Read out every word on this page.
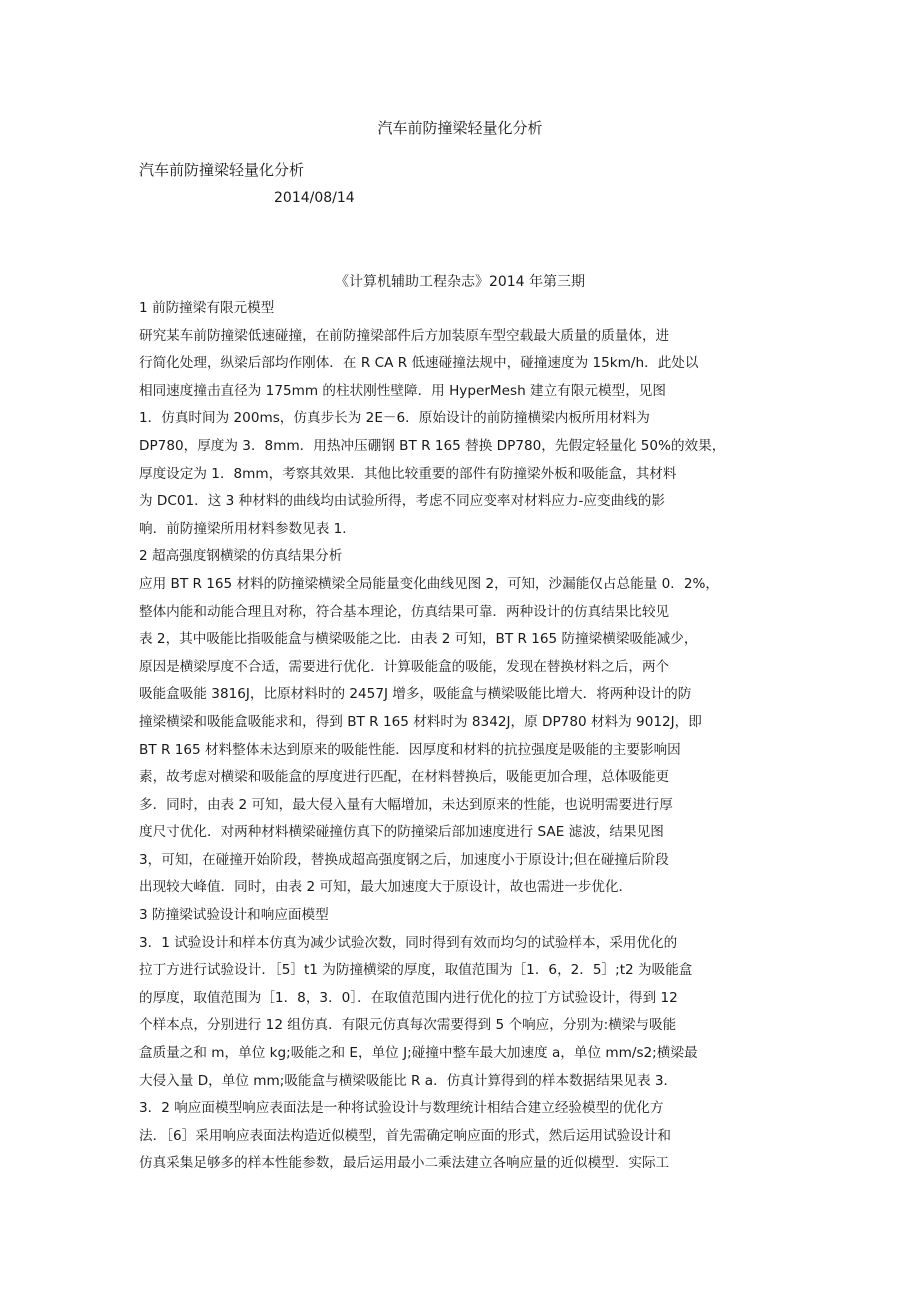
汽车前防撞梁轻量化分析
汽车前防撞梁轻量化分析
2014/08/14
《计算机辅助工程杂志》2014 年第三期
1 前防撞梁有限元模型
研究某车前防撞梁低速碰撞，在前防撞梁部件后方加装原车型空载最大质量的质量体，进
行简化处理，纵梁后部均作刚体．在 R CA R 低速碰撞法规中，碰撞速度为 15km/h．此处以
相同速度撞击直径为 175mm 的柱状刚性壁障．用 HyperMesh 建立有限元模型，见图
1．仿真时间为 200ms，仿真步长为 2E－6．原始设计的前防撞横梁内板所用材料为
DP780，厚度为 3．8mm．用热冲压硼钢 BT R 165 替换 DP780，先假定轻量化 50%的效果，
厚度设定为 1．8mm，考察其效果．其他比较重要的部件有防撞梁外板和吸能盒，其材料
为 DC01．这 3 种材料的曲线均由试验所得，考虑不同应变率对材料应力-应变曲线的影
响．前防撞梁所用材料参数见表 1．
2 超高强度钢横梁的仿真结果分析
应用 BT R 165 材料的防撞梁横梁全局能量变化曲线见图 2，可知，沙漏能仅占总能量 0．2%，
整体内能和动能合理且对称，符合基本理论，仿真结果可靠．两种设计的仿真结果比较见
表 2，其中吸能比指吸能盒与横梁吸能之比．由表 2 可知，BT R 165 防撞梁横梁吸能减少，
原因是横梁厚度不合适，需要进行优化．计算吸能盒的吸能，发现在替换材料之后，两个
吸能盒吸能 3816J，比原材料时的 2457J 增多，吸能盒与横梁吸能比增大．将两种设计的防
撞梁横梁和吸能盒吸能求和，得到 BT R 165 材料时为 8342J，原 DP780 材料为 9012J，即
BT R 165 材料整体未达到原来的吸能性能．因厚度和材料的抗拉强度是吸能的主要影响因
素，故考虑对横梁和吸能盒的厚度进行匹配，在材料替换后，吸能更加合理，总体吸能更
多．同时，由表 2 可知，最大侵入量有大幅增加，未达到原来的性能，也说明需要进行厚
度尺寸优化．对两种材料横梁碰撞仿真下的防撞梁后部加速度进行 SAE 滤波，结果见图
3，可知，在碰撞开始阶段，替换成超高强度钢之后，加速度小于原设计;但在碰撞后阶段
出现较大峰值．同时，由表 2 可知，最大加速度大于原设计，故也需进一步优化．
3 防撞梁试验设计和响应面模型
3．1 试验设计和样本仿真为减少试验次数，同时得到有效而均匀的试验样本，采用优化的
拉丁方进行试验设计．［5］t1 为防撞横梁的厚度，取值范围为［1．6，2．5］;t2 为吸能盒
的厚度，取值范围为［1．8，3．0］．在取值范围内进行优化的拉丁方试验设计，得到 12
个样本点，分别进行 12 组仿真．有限元仿真每次需要得到 5 个响应，分别为:横梁与吸能
盒质量之和 m，单位 kg;吸能之和 E，单位 J;碰撞中整车最大加速度 a，单位 mm/s2;横梁最
大侵入量 D，单位 mm;吸能盒与横梁吸能比 R a．仿真计算得到的样本数据结果见表 3．
3．2 响应面模型响应表面法是一种将试验设计与数理统计相结合建立经验模型的优化方
法．［6］采用响应表面法构造近似模型，首先需确定响应面的形式，然后运用试验设计和
仿真采集足够多的样本性能参数，最后运用最小二乘法建立各响应量的近似模型．实际工
